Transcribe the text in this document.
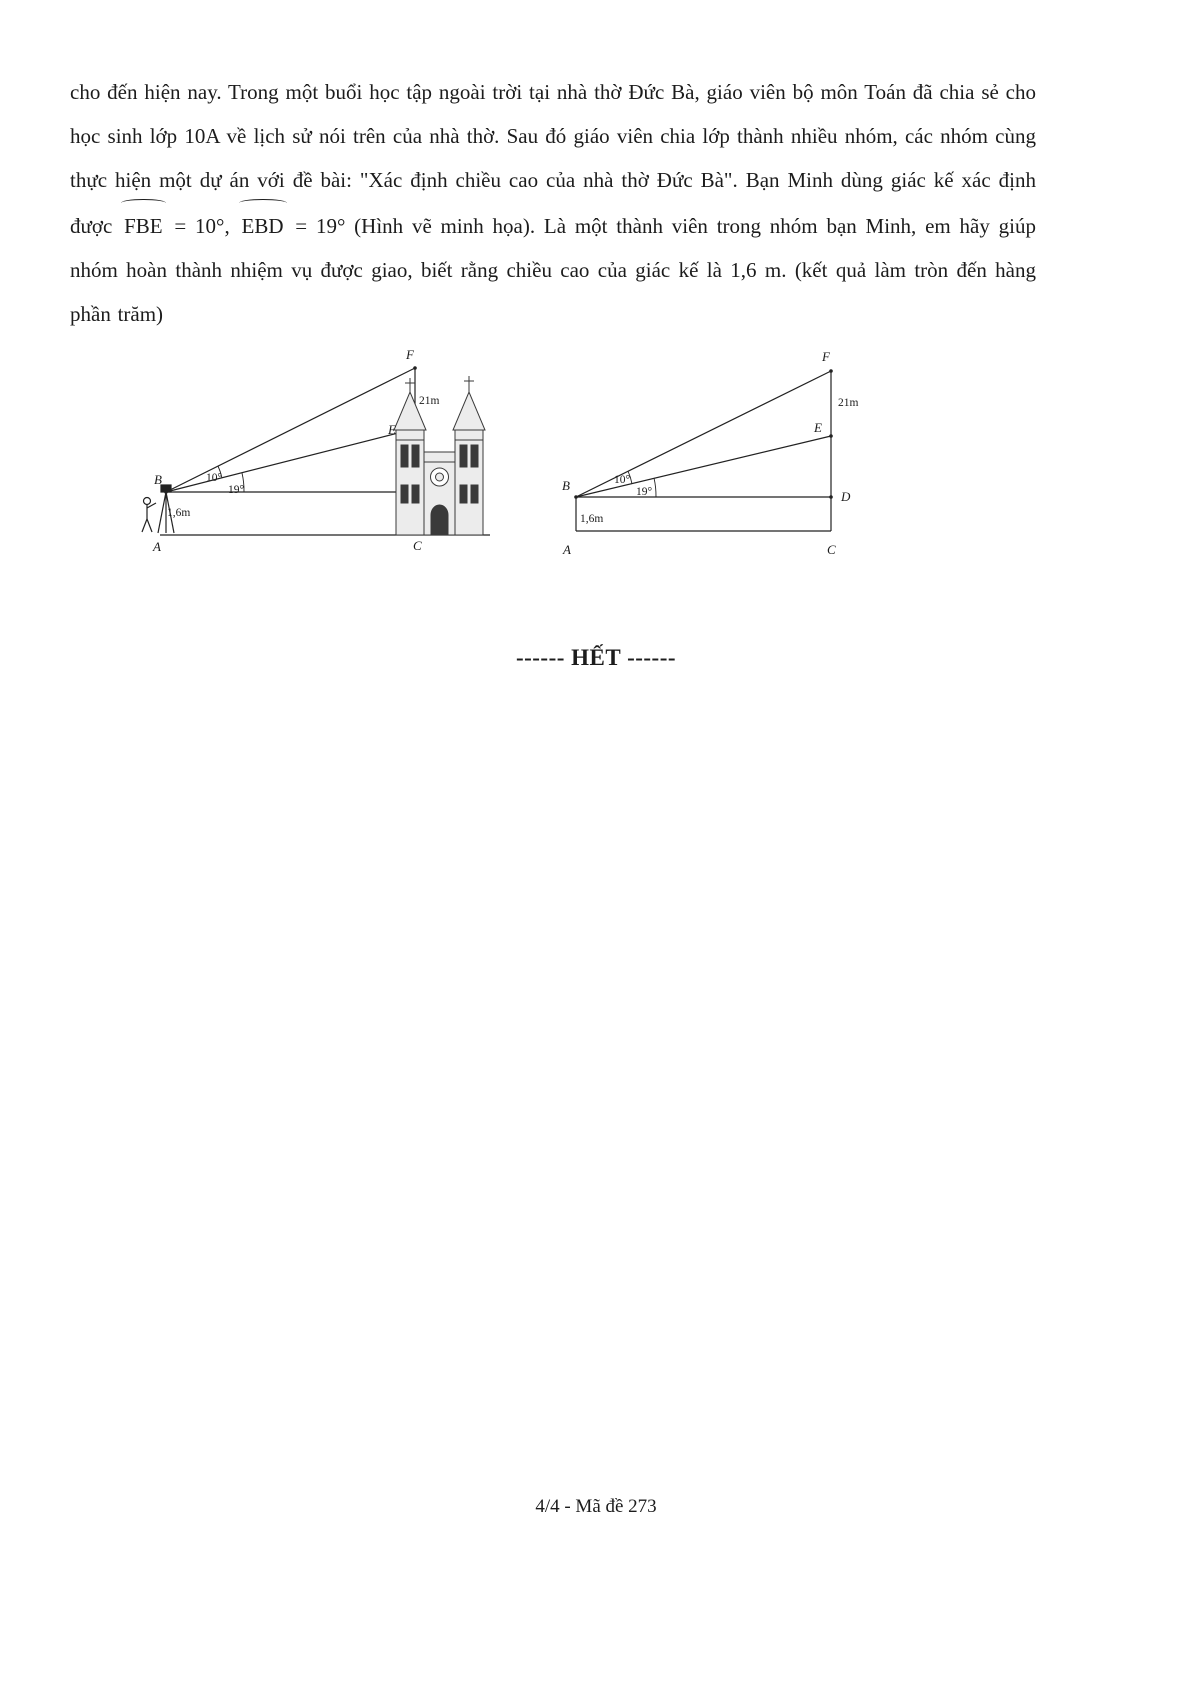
cho đến hiện nay. Trong một buổi học tập ngoài trời tại nhà thờ Đức Bà, giáo viên bộ môn Toán đã chia sẻ cho học sinh lớp 10A về lịch sử nói trên của nhà thờ. Sau đó giáo viên chia lớp thành nhiều nhóm, các nhóm cùng thực hiện một dự án với đề bài: "Xác định chiều cao của nhà thờ Đức Bà". Bạn Minh dùng giác kế xác định được FBE = 10°, EBD = 19° (Hình vẽ minh họa). Là một thành viên trong nhóm bạn Minh, em hãy giúp nhóm hoàn thành nhiệm vụ được giao, biết rằng chiều cao của giác kế là 1,6 m. (kết quả làm tròn đến hàng phần trăm)

F
E
B
A	C
21m
10°
19°
1,6m
F
E
D
B
A	C
21m
10°
19°
1,6m
------ HẾT ------
4/4 - Mã đề 273
